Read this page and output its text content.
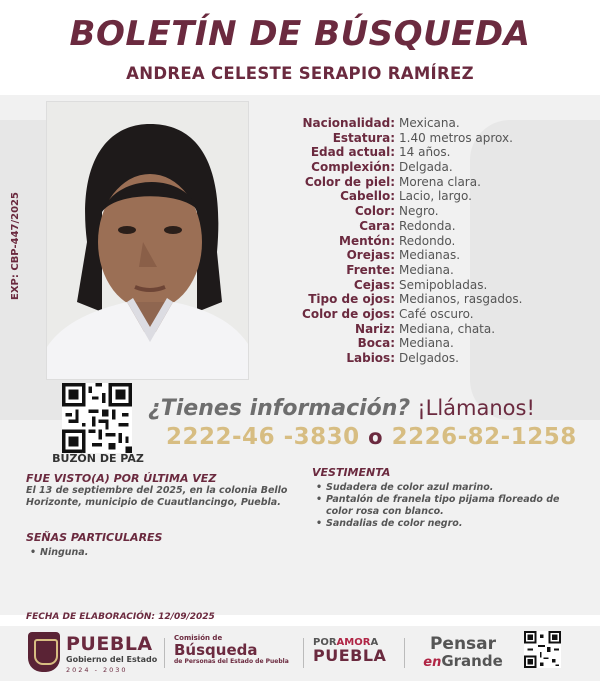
BOLETÍN DE BÚSQUEDA
ANDREA CELESTE SERAPIO RAMÍREZ
EXP: CBP-447/2025
Nacionalidad: Mexicana.
Estatura: 1.40 metros aprox.
Edad actual: 14 años.
Complexión: Delgada.
Color de piel: Morena clara.
Cabello: Lacio, largo.
Color: Negro.
Cara: Redonda.
Mentón: Redondo.
Orejas: Medianas.
Frente: Mediana.
Cejas: Semipobladas.
Tipo de ojos: Medianos, rasgados.
Color de ojos: Café oscuro.
Nariz: Mediana, chata.
Boca: Mediana.
Labios: Delgados.
BUZÓN DE PAZ
¿Tienes información? ¡Llámanos!
2222-46 -3830 o 2226-82-1258
FUE VISTO(A) POR ÚLTIMA VEZ
El 13 de septiembre del 2025, en la colonia Bello Horizonte, municipio de Cuautlancingo, Puebla.
SEÑAS PARTICULARES
• Ninguna.
VESTIMENTA
• Sudadera de color azul marino.
• Pantalón de franela tipo pijama floreado de color rosa con blanco.
• Sandalias de color negro.
FECHA DE ELABORACIÓN: 12/09/2025
PUEBLA
Gobierno del Estado
2024 - 2030
Comisión de
Búsqueda
de Personas del Estado de Puebla
PORAMORA
PUEBLA
Pensar
enGrande
